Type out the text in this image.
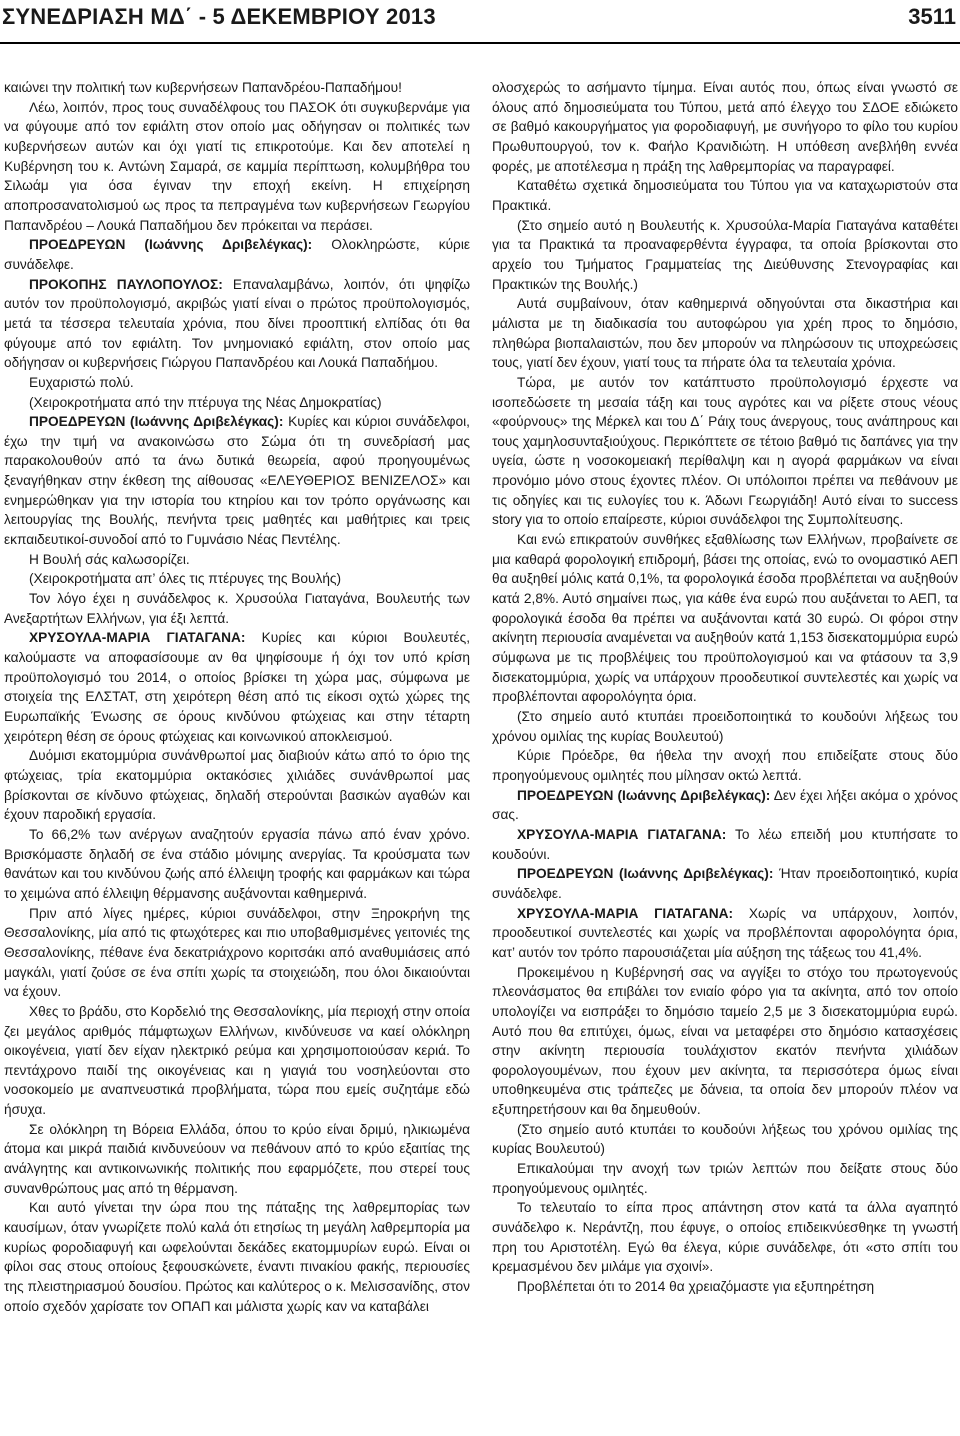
ΣΥΝΕΔΡΙΑΣΗ ΜΔ΄ - 5 ΔΕΚΕΜΒΡΙΟΥ 2013	3511

καιώνει την πολιτική των κυβερνήσεων Παπανδρέου-Παπαδήμου!

Λέω, λοιπόν, προς τους συναδέλφους του ΠΑΣΟΚ ότι συγκυβερνάμε για να φύγουμε από τον εφιάλτη στον οποίο μας οδήγησαν οι πολιτικές των κυβερνήσεων αυτών και όχι γιατί τις επικροτούμε. Και δεν αποτελεί η Κυβέρνηση του κ. Αντώνη Σαμαρά, σε καμμία περίπτωση, κολυμβήθρα του Σιλωάμ για όσα έγιναν την εποχή εκείνη. Η επιχείρηση αποπροσανατολισμού ως προς τα πεπραγμένα των κυβερνήσεων Γεωργίου Παπανδρέου – Λουκά Παπαδήμου δεν πρόκειται να περάσει.

ΠΡΟΕΔΡΕΥΩΝ (Ιωάννης Δριβελέγκας): Ολοκληρώστε, κύριε συνάδελφε.

ΠΡΟΚΟΠΗΣ ΠΑΥΛΟΠΟΥΛΟΣ: Επαναλαμβάνω, λοιπόν, ότι ψηφίζω αυτόν τον προϋπολογισμό, ακριβώς γιατί είναι ο πρώτος προϋπολογισμός, μετά τα τέσσερα τελευταία χρόνια, που δίνει προοπτική ελπίδας ότι θα φύγουμε από τον εφιάλτη. Τον μνημονιακό εφιάλτη, στον οποίο μας οδήγησαν οι κυβερνήσεις Γιώργου Παπανδρέου και Λουκά Παπαδήμου.

Ευχαριστώ πολύ.

(Χειροκροτήματα από την πτέρυγα της Νέας Δημοκρατίας)

ΠΡΟΕΔΡΕΥΩΝ (Ιωάννης Δριβελέγκας): Κυρίες και κύριοι συνάδελφοι, έχω την τιμή να ανακοινώσω στο Σώμα ότι τη συνεδρίασή μας παρακολουθούν από τα άνω δυτικά θεωρεία, αφού προηγουμένως ξεναγήθηκαν στην έκθεση της αίθουσας «ΕΛΕΥΘΕΡΙΟΣ ΒΕΝΙΖΕΛΟΣ» και ενημερώθηκαν για την ιστορία του κτηρίου και τον τρόπο οργάνωσης και λειτουργίας της Βουλής, πενήντα τρεις μαθητές και μαθήτριες και τρεις εκπαιδευτικοί-συνοδοί από το Γυμνάσιο Νέας Πεντέλης.

Η Βουλή σάς καλωσορίζει.

(Χειροκροτήματα απ’ όλες τις πτέρυγες της Βουλής)

Τον λόγο έχει η συνάδελφος κ. Χρυσούλα Γιαταγάνα, Βουλευτής των Ανεξαρτήτων Ελλήνων, για έξι λεπτά.

ΧΡΥΣΟΥΛΑ-ΜΑΡΙΑ ΓΙΑΤΑΓΑΝΑ: Κυρίες και κύριοι Βουλευτές, καλούμαστε να αποφασίσουμε αν θα ψηφίσουμε ή όχι τον υπό κρίση προϋπολογισμό του 2014, ο οποίος βρίσκει τη χώρα μας, σύμφωνα με στοιχεία της ΕΛΣΤΑΤ, στη χειρότερη θέση από τις είκοσι οχτώ χώρες της Ευρωπαϊκής Ένωσης σε όρους κινδύνου φτώχειας και στην τέταρτη χειρότερη θέση σε όρους φτώχειας και κοινωνικού αποκλεισμού.

Δυόμισι εκατομμύρια συνάνθρωποί μας διαβιούν κάτω από το όριο της φτώχειας, τρία εκατομμύρια οκτακόσιες χιλιάδες συνάνθρωποί μας βρίσκονται σε κίνδυνο φτώχειας, δηλαδή στερούνται βασικών αγαθών και έχουν παροδική εργασία.

Το 66,2% των ανέργων αναζητούν εργασία πάνω από έναν χρόνο. Βρισκόμαστε δηλαδή σε ένα στάδιο μόνιμης ανεργίας. Τα κρούσματα των θανάτων και του κινδύνου ζωής από έλλειψη τροφής και φαρμάκων και τώρα το χειμώνα από έλλειψη θέρμανσης αυξάνονται καθημερινά.

Πριν από λίγες ημέρες, κύριοι συνάδελφοι, στην Ξηροκρήνη της Θεσσαλονίκης, μία από τις φτωχότερες και πιο υποβαθμισμένες γειτονιές της Θεσσαλονίκης, πέθανε ένα δεκατριάχρονο κοριτσάκι από αναθυμιάσεις από μαγκάλι, γιατί ζούσε σε ένα σπίτι χωρίς τα στοιχειώδη, που όλοι δικαιούνται να έχουν.

Χθες το βράδυ, στο Κορδελιό της Θεσσαλονίκης, μία περιοχή στην οποία ζει μεγάλος αριθμός πάμφτωχων Ελλήνων, κινδύνευσε να καεί ολόκληρη οικογένεια, γιατί δεν είχαν ηλεκτρικό ρεύμα και χρησιμοποιούσαν κεριά. Το πεντάχρονο παιδί της οικογένειας και η γιαγιά του νοσηλεύονται στο νοσοκομείο με αναπνευστικά προβλήματα, τώρα που εμείς συζητάμε εδώ ήσυχα.

Σε ολόκληρη τη Βόρεια Ελλάδα, όπου το κρύο είναι δριμύ, ηλικιωμένα άτομα και μικρά παιδιά κινδυνεύουν να πεθάνουν από το κρύο εξαιτίας της ανάλγητης και αντικοινωνικής πολιτικής που εφαρμόζετε, που στερεί τους συνανθρώπους μας από τη θέρμανση.

Και αυτό γίνεται την ώρα που της πάταξης της λαθρεμπορίας των καυσίμων, όταν γνωρίζετε πολύ καλά ότι ετησίως τη μεγάλη λαθρεμπορία μα κυρίως φοροδιαφυγή και ωφελούνται δεκάδες εκατομμυρίων ευρώ. Είναι οι φίλοι σας στους οποίους ξεφουσκώνετε, έναντι πινακίου φακής, περιουσίες της πλειστηριασμού δουσίου. Πρώτος και καλύτερος ο κ. Μελισσανίδης, στον οποίο σχεδόν χαρίσατε τον ΟΠΑΠ και μάλιστα χωρίς καν να καταβάλει

ολοσχερώς το ασήμαντο τίμημα. Είναι αυτός που, όπως είναι γνωστό σε όλους από δημοσιεύματα του Τύπου, μετά από έλεγχο του ΣΔΟΕ εδιώκετο σε βαθμό κακουργήματος για φοροδιαφυγή, με συνήγορο το φίλο του κυρίου Πρωθυπουργού, τον κ. Φαήλο Κρανιδιώτη. Η υπόθεση ανεβλήθη εννέα φορές, με αποτέλεσμα η πράξη της λαθρεμπορίας να παραγραφεί.

Καταθέτω σχετικά δημοσιεύματα του Τύπου για να καταχωριστούν στα Πρακτικά.

(Στο σημείο αυτό η Βουλευτής κ. Χρυσούλα-Μαρία Γιαταγάνα καταθέτει για τα Πρακτικά τα προαναφερθέντα έγγραφα, τα οποία βρίσκονται στο αρχείο του Τμήματος Γραμματείας της Διεύθυνσης Στενογραφίας και Πρακτικών της Βουλής.)

Αυτά συμβαίνουν, όταν καθημερινά οδηγούνται στα δικαστήρια και μάλιστα με τη διαδικασία του αυτοφώρου για χρέη προς το δημόσιο, πληθώρα βιοπαλαιστών, που δεν μπορούν να πληρώσουν τις υποχρεώσεις τους, γιατί δεν έχουν, γιατί τους τα πήρατε όλα τα τελευταία χρόνια.

Τώρα, με αυτόν τον κατάπτυστο προϋπολογισμό έρχεστε να ισοπεδώσετε τη μεσαία τάξη και τους αγρότες και να ρίξετε στους νέους «φούρνους» της Μέρκελ και του Δ΄ Ράιχ τους άνεργους, τους ανάπηρους και τους χαμηλοσυνταξιούχους. Περικόπτετε σε τέτοιο βαθμό τις δαπάνες για την υγεία, ώστε η νοσοκομειακή περίθαλψη και η αγορά φαρμάκων να είναι προνόμιο μόνο στους έχοντες πλέον. Οι υπόλοιποι πρέπει να πεθάνουν με τις οδηγίες και τις ευλογίες του κ. Άδωνι Γεωργιάδη! Αυτό είναι το success story για το οποίο επαίρεστε, κύριοι συνάδελφοι της Συμπολίτευσης.

Και ενώ επικρατούν συνθήκες εξαθλίωσης των Ελλήνων, προβαίνετε σε μια καθαρά φορολογική επιδρομή, βάσει της οποίας, ενώ το ονομαστικό ΑΕΠ θα αυξηθεί μόλις κατά 0,1%, τα φορολογικά έσοδα προβλέπεται να αυξηθούν κατά 2,8%. Αυτό σημαίνει πως, για κάθε ένα ευρώ που αυξάνεται το ΑΕΠ, τα φορολογικά έσοδα θα πρέπει να αυξάνονται κατά 30 ευρώ. Οι φόροι στην ακίνητη περιουσία αναμένεται να αυξηθούν κατά 1,153 δισεκατομμύρια ευρώ σύμφωνα με τις προβλέψεις του προϋπολογισμού και να φτάσουν τα 3,9 δισεκατομμύρια, χωρίς να υπάρχουν προοδευτικοί συντελεστές και χωρίς να προβλέπονται αφορολόγητα όρια.

(Στο σημείο αυτό κτυπάει προειδοποιητικά το κουδούνι λήξεως του χρόνου ομιλίας της κυρίας Βουλευτού)

Κύριε Πρόεδρε, θα ήθελα την ανοχή που επιδείξατε στους δύο προηγούμενους ομιλητές που μίλησαν οκτώ λεπτά.

ΠΡΟΕΔΡΕΥΩΝ (Ιωάννης Δριβελέγκας): Δεν έχει λήξει ακόμα ο χρόνος σας.

ΧΡΥΣΟΥΛΑ-ΜΑΡΙΑ ΓΙΑΤΑΓΑΝΑ: Το λέω επειδή μου κτυπήσατε το κουδούνι.

ΠΡΟΕΔΡΕΥΩΝ (Ιωάννης Δριβελέγκας): Ήταν προειδοποιητικό, κυρία συνάδελφε.

ΧΡΥΣΟΥΛΑ-ΜΑΡΙΑ ΓΙΑΤΑΓΑΝΑ: Χωρίς να υπάρχουν, λοιπόν, προοδευτικοί συντελεστές και χωρίς να προβλέπονται αφορολόγητα όρια, κατ’ αυτόν τον τρόπο παρουσιάζεται μία αύξηση της τάξεως του 41,4%.

Προκειμένου η Κυβέρνησή σας να αγγίξει το στόχο του πρωτογενούς πλεονάσματος θα επιβάλει τον ενιαίο φόρο για τα ακίνητα, από τον οποίο υπολογίζει να εισπράξει το δημόσιο ταμείο 2,5 με 3 δισεκατομμύρια ευρώ. Αυτό που θα επιτύχει, όμως, είναι να μεταφέρει στο δημόσιο κατασχέσεις στην ακίνητη περιουσία τουλάχιστον εκατόν πενήντα χιλιάδων φορολογουμένων, που έχουν μεν ακίνητα, τα περισσότερα όμως είναι υποθηκευμένα στις τράπεζες με δάνεια, τα οποία δεν μπορούν πλέον να εξυπηρετήσουν και θα δημευθούν.

(Στο σημείο αυτό κτυπάει το κουδούνι λήξεως του χρόνου ομιλίας της κυρίας Βουλευτού)

Επικαλούμαι την ανοχή των τριών λεπτών που δείξατε στους δύο προηγούμενους ομιλητές.

Το τελευταίο το είπα προς απάντηση στον κατά τα άλλα αγαπητό συνάδελφο κ. Νεράντζη, που έφυγε, ο οποίος επιδεικνύεσθηκε τη γνωστή πρη του Αριστοτέλη. Εγώ θα έλεγα, κύριε συνάδελφε, ότι «στο σπίτι του κρεμασμένου δεν μιλάμε για σχοινί».

Προβλέπεται ότι το 2014 θα χρειαζόμαστε για εξυπηρέτηση
